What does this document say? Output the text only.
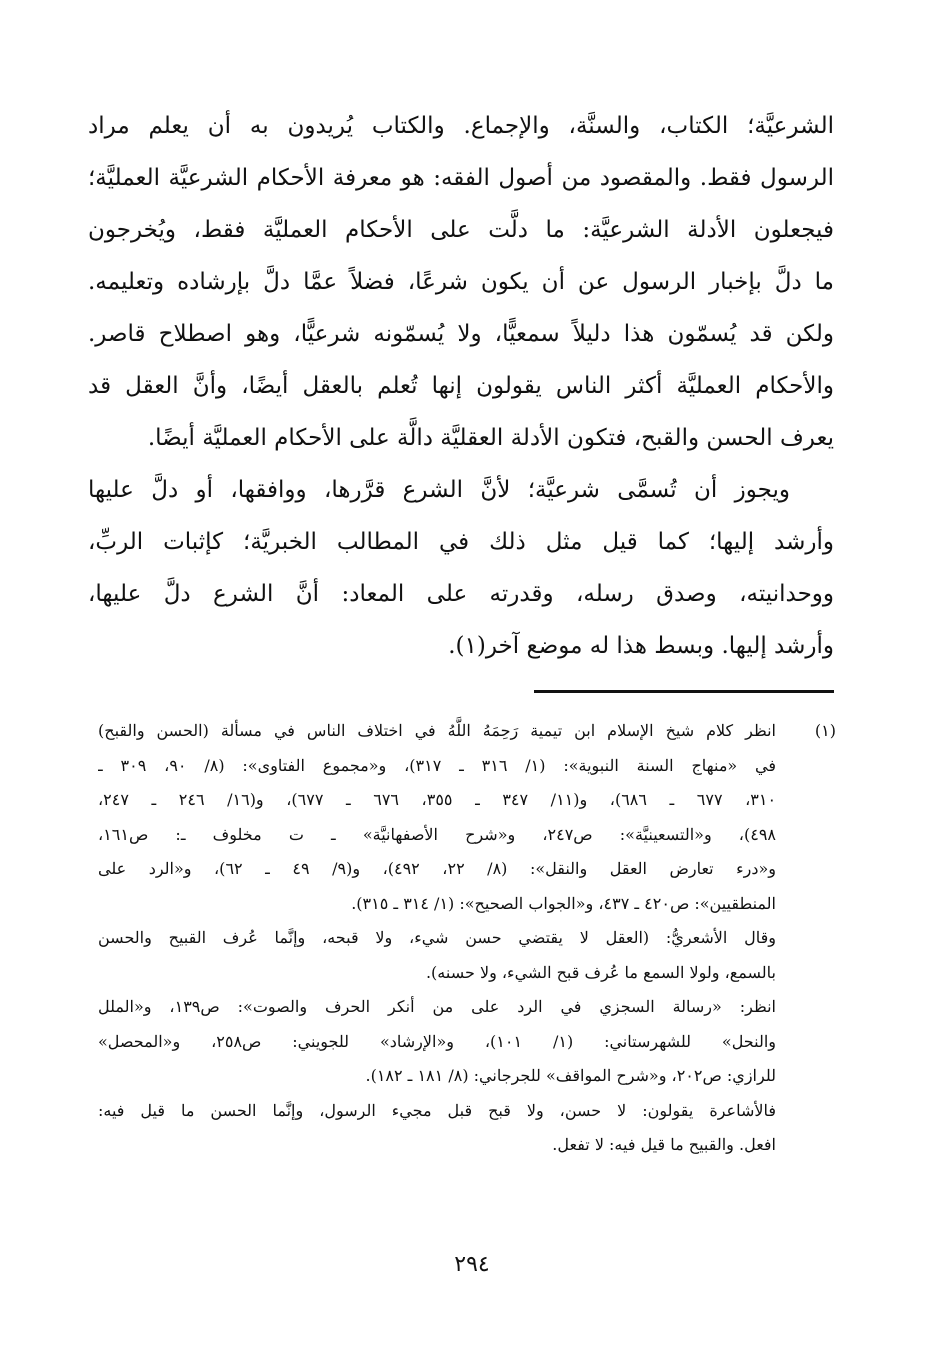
الشرعيَّة؛ الكتاب، والسنَّة، والإجماع. والكتاب يُريدون به أن يعلم مراد
الرسول فقط. والمقصود من أصول الفقه: هو معرفة الأحكام الشرعيَّة العمليَّة؛
فيجعلون الأدلة الشرعيَّة: ما دلَّت على الأحكام العمليَّة فقط، ويُخرجون
ما دلَّ بإخبار الرسول عن أن يكون شرعًا، فضلاً عمَّا دلَّ بإرشاده وتعليمه.
ولكن قد يُسمّون هذا دليلاً سمعيًّا، ولا يُسمّونه شرعيًّا، وهو اصطلاح قاصر.
والأحكام العمليَّة أكثر الناس يقولون إنها تُعلم بالعقل أيضًا، وأنَّ العقل قد
يعرف الحسن والقبح، فتكون الأدلة العقليَّة دالَّة على الأحكام العمليَّة أيضًا.
ويجوز أن تُسمَّى شرعيَّة؛ لأنَّ الشرع قرَّرها، ووافقها، أو دلَّ عليها
وأرشد إليها؛ كما قيل مثل ذلك في المطالب الخبريَّة؛ كإثبات الربِّ،
ووحدانيته، وصدق رسله، وقدرته على المعاد: أنَّ الشرع دلَّ عليها،
وأرشد إليها. وبسط هذا له موضع آخر(١).
(١)انظر كلام شيخ الإسلام ابن تيمية رَحِمَهُ اللَّهُ في اختلاف الناس في مسألة (الحسن والقبح)
في «منهاج السنة النبوية»: (١/ ٣١٦ ـ ٣١٧)، و«مجموع الفتاوى»: (٨/ ٩٠، ٣٠٩ ـ
٣١٠، ٦٧٧ ـ ٦٨٦)، و(١١/ ٣٤٧ ـ ٣٥٥، ٦٧٦ ـ ٦٧٧)، و(١٦/ ٢٤٦ ـ ٢٤٧،
٤٩٨)، و«التسعينيَّة»: ص٢٤٧، و«شرح الأصفهانيَّة» ـ ت مخلوف ـ: ص١٦١،
و«درء تعارض العقل والنقل»: (٨/ ٢٢، ٤٩٢)، و(٩/ ٤٩ ـ ٦٢)، و«الرد على
المنطقيين»: ص٤٢٠ ـ ٤٣٧، و«الجواب الصحيح»: (١/ ٣١٤ ـ ٣١٥).
وقال الأشعريُّ: (العقل لا يقتضي حسن شيء، ولا قبحه، وإنَّما عُرف القبيح والحسن
بالسمع، ولولا السمع ما عُرف قبح الشيء، ولا حسنه).
انظر: «رسالة السجزي في الرد على من أنكر الحرف والصوت»: ص١٣٩، و«الملل
والنحل» للشهرستاني: (١/ ١٠١)، و«الإرشاد» للجويني: ص٢٥٨، و«المحصل»
للرازي: ص٢٠٢، و«شرح المواقف» للجرجاني: (٨/ ١٨١ ـ ١٨٢).
فالأشاعرة يقولون: لا حسن، ولا قبح قبل مجيء الرسول، وإنَّما الحسن ما قيل فيه:
افعل. والقبيح ما قيل فيه: لا تفعل.
٢٩٤
